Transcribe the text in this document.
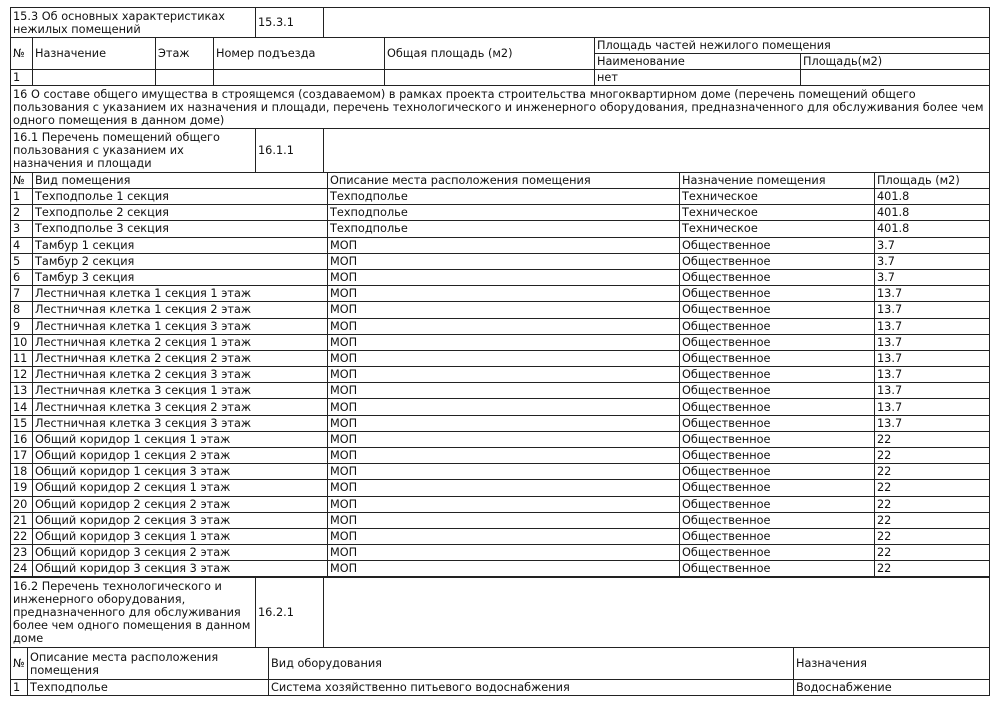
15.3 Об основных характеристиках нежилых помещений	15.3.1	
№	Назначение	Этаж	Номер подъезда	Общая площадь (м2)	Площадь частей нежилого помещения	
					Наименование	Площадь(м2)
1					нет	
16 О составе общего имущества в строящемся (создаваемом) в рамках проекта строительства многоквартирном доме (перечень помещений общего пользования с указанием их назначения и площади, перечень технологического и инженерного оборудования, предназначенного для обслуживания более чем одного помещения в данном доме)
16.1 Перечень помещений общего пользования с указанием их назначения и площади	16.1.1	
№	Вид помещения	Описание места расположения помещения	Назначение помещения	Площадь (м2)
1	Техподполье 1 секция	Техподполье	Техническое	401.8
2	Техподполье 2 секция	Техподполье	Техническое	401.8
3	Техподполье 3 секция	Техподполье	Техническое	401.8
4	Тамбур 1 секция	МОП	Общественное	3.7
5	Тамбур 2 секция	МОП	Общественное	3.7
6	Тамбур 3 секция	МОП	Общественное	3.7
7	Лестничная клетка 1 секция 1 этаж	МОП	Общественное	13.7
8	Лестничная клетка 1 секция 2 этаж	МОП	Общественное	13.7
9	Лестничная клетка 1 секция 3 этаж	МОП	Общественное	13.7
10	Лестничная клетка 2 секция 1 этаж	МОП	Общественное	13.7
11	Лестничная клетка 2 секция 2 этаж	МОП	Общественное	13.7
12	Лестничная клетка 2 секция 3 этаж	МОП	Общественное	13.7
13	Лестничная клетка 3 секция 1 этаж	МОП	Общественное	13.7
14	Лестничная клетка 3 секция 2 этаж	МОП	Общественное	13.7
15	Лестничная клетка 3 секция 3 этаж	МОП	Общественное	13.7
16	Общий коридор 1 секция 1 этаж	МОП	Общественное	22
17	Общий коридор 1 секция 2 этаж	МОП	Общественное	22
18	Общий коридор 1 секция 3 этаж	МОП	Общественное	22
19	Общий коридор 2 секция 1 этаж	МОП	Общественное	22
20	Общий коридор 2 секция 2 этаж	МОП	Общественное	22
21	Общий коридор 2 секция 3 этаж	МОП	Общественное	22
22	Общий коридор 3 секция 1 этаж	МОП	Общественное	22
23	Общий коридор 3 секция 2 этаж	МОП	Общественное	22
24	Общий коридор 3 секция 3 этаж	МОП	Общественное	22
16.2 Перечень технологического и инженерного оборудования, предназначенного для обслуживания более чем одного помещения в данном доме	16.2.1	
№	Описание места расположения помещения	Вид оборудования	Назначения
1	Техподполье	Система хозяйственно питьевого водоснабжения	Водоснабжение
